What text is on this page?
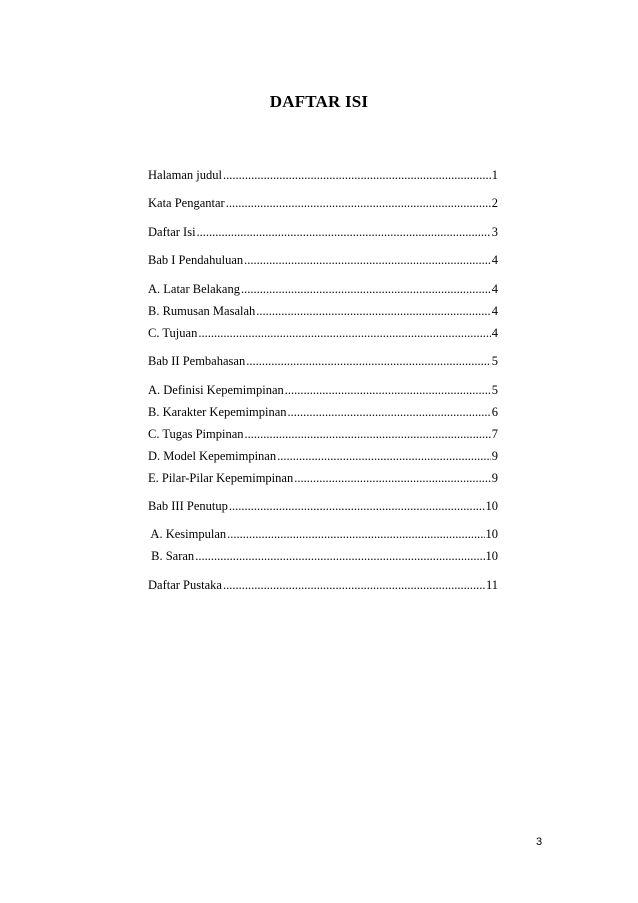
DAFTAR ISI
Halaman judul .....	1
Kata Pengantar .....	2
Daftar Isi .....	3
Bab I Pendahuluan .....	4
A. Latar Belakang .....	4
B. Rumusan Masalah .....	4
C. Tujuan .....	4
Bab II Pembahasan .....	5
A. Definisi Kepemimpinan .....	5
B. Karakter Kepemimpinan .....	6
C. Tugas Pimpinan .....	7
D. Model Kepemimpinan .....	9
E. Pilar-Pilar Kepemimpinan .....	9
Bab III Penutup .....	10
A. Kesimpulan .....	10
B. Saran .....	10
Daftar Pustaka .....	11
3
